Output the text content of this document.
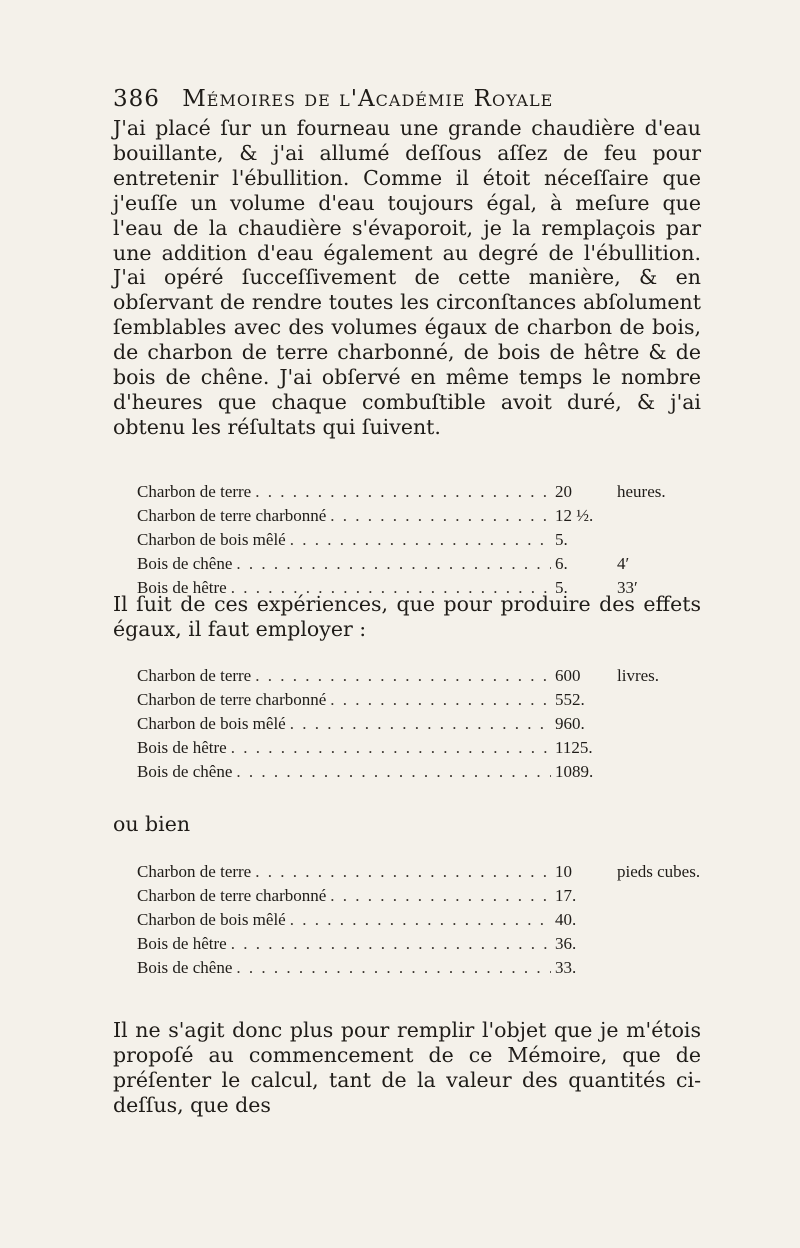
386 Mémoires de l'Académie Royale

J'ai placé ſur un fourneau une grande chaudière d'eau bouillante, & j'ai allumé deſſous aſſez de feu pour entretenir l'ébullition. Comme il étoit néceſſaire que j'euſſe un volume d'eau toujours égal, à meſure que l'eau de la chaudière s'évaporoit, je la remplaçois par une addition d'eau également au degré de l'ébullition. J'ai opéré ſucceſſivement de cette manière, & en obſervant de rendre toutes les circonſtances abſolument ſemblables avec des volumes égaux de charbon de bois, de charbon de terre charbonné, de bois de hêtre & de bois de chêne. J'ai obſervé en même temps le nombre d'heures que chaque combuſtible avoit duré, & j'ai obtenu les réſultats qui ſuivent.

Charbon de terre . . .	20	heures.
Charbon de terre charbonné . . .	12 ½.
Charbon de bois mêlé . . .	5.
Bois de chêne . . .	6.	4′
Bois de hêtre . . .	5.	33′

Il ſuit de ces expériences, que pour produire des effets égaux, il faut employer :

Charbon de terre . . .	600	livres.
Charbon de terre charbonné . . .	552.
Charbon de bois mêlé . . .	960.
Bois de hêtre . . .	1125.
Bois de chêne . . .	1089.
ou bien
Charbon de terre . . .	10	pieds cubes.
Charbon de terre charbonné . . .	17.
Charbon de bois mêlé . . .	40.
Bois de hêtre . . .	36.
Bois de chêne . . .	33.

Il ne s'agit donc plus pour remplir l'objet que je m'étois propoſé au commencement de ce Mémoire, que de préſenter le calcul, tant de la valeur des quantités ci-deſſus, que des
